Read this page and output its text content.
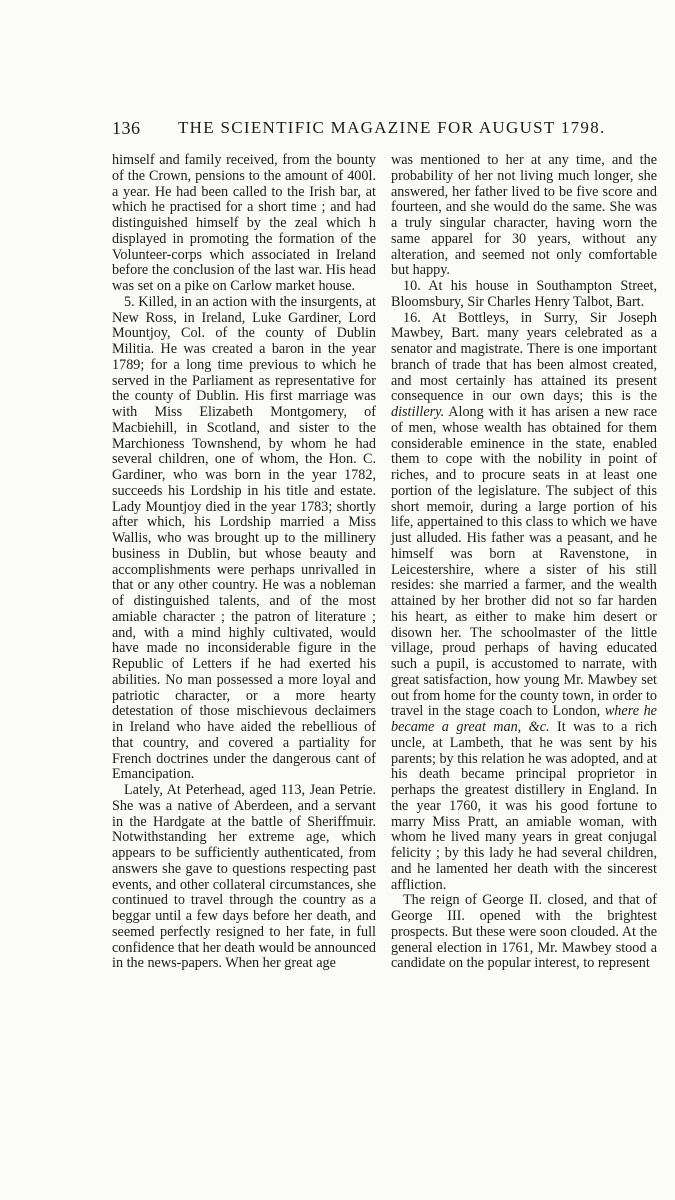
136 THE SCIENTIFIC MAGAZINE FOR AUGUST 1798.

himself and family received, from the bounty of the Crown, pensions to the amount of 400l. a year. He had been called to the Irish bar, at which he practised for a short time ; and had distinguished himself by the zeal which h displayed in promoting the formation of the Volunteer-corps which associated in Ireland before the conclusion of the last war. His head was set on a pike on Carlow market house.

5. Killed, in an action with the insurgents, at New Ross, in Ireland, Luke Gardiner, Lord Mountjoy, Col. of the county of Dublin Militia. He was created a baron in the year 1789; for a long time previous to which he served in the Parliament as representative for the county of Dublin. His first marriage was with Miss Elizabeth Montgomery, of Macbiehill, in Scotland, and sister to the Marchioness Townshend, by whom he had several children, one of whom, the Hon. C. Gardiner, who was born in the year 1782, succeeds his Lordship in his title and estate. Lady Mountjoy died in the year 1783; shortly after which, his Lordship married a Miss Wallis, who was brought up to the millinery business in Dublin, but whose beauty and accomplishments were perhaps unrivalled in that or any other country. He was a nobleman of distinguished talents, and of the most amiable character ; the patron of literature ; and, with a mind highly cultivated, would have made no inconsiderable figure in the Republic of Letters if he had exerted his abilities. No man possessed a more loyal and patriotic character, or a more hearty detestation of those mischievous declaimers in Ireland who have aided the rebellious of that country, and covered a partiality for French doctrines under the dangerous cant of Emancipation.

Lately, At Peterhead, aged 113, Jean Petrie. She was a native of Aberdeen, and a servant in the Hardgate at the battle of Sheriffmuir. Notwithstanding her extreme age, which appears to be sufficiently authenticated, from answers she gave to questions respecting past events, and other collateral circumstances, she continued to travel through the country as a beggar until a few days before her death, and seemed perfectly resigned to her fate, in full confidence that her death would be announced in the news-papers. When her great age

was mentioned to her at any time, and the probability of her not living much longer, she answered, her father lived to be five score and fourteen, and she would do the same. She was a truly singular character, having worn the same apparel for 30 years, without any alteration, and seemed not only comfortable but happy.

10. At his house in Southampton Street, Bloomsbury, Sir Charles Henry Talbot, Bart.

16. At Bottleys, in Surry, Sir Joseph Mawbey, Bart. many years celebrated as a senator and magistrate. There is one important branch of trade that has been almost created, and most certainly has attained its present consequence in our own days; this is the distillery. Along with it has arisen a new race of men, whose wealth has obtained for them considerable eminence in the state, enabled them to cope with the nobility in point of riches, and to procure seats in at least one portion of the legislature. The subject of this short memoir, during a large portion of his life, appertained to this class to which we have just alluded. His father was a peasant, and he himself was born at Ravenstone, in Leicestershire, where a sister of his still resides: she married a farmer, and the wealth attained by her brother did not so far harden his heart, as either to make him desert or disown her. The schoolmaster of the little village, proud perhaps of having educated such a pupil, is accustomed to narrate, with great satisfaction, how young Mr. Mawbey set out from home for the county town, in order to travel in the stage coach to London, where he became a great man, &c. It was to a rich uncle, at Lambeth, that he was sent by his parents; by this relation he was adopted, and at his death became principal proprietor in perhaps the greatest distillery in England. In the year 1760, it was his good fortune to marry Miss Pratt, an amiable woman, with whom he lived many years in great conjugal felicity ; by this lady he had several children, and he lamented her death with the sincerest affliction.

The reign of George II. closed, and that of George III. opened with the brightest prospects. But these were soon clouded. At the general election in 1761, Mr. Mawbey stood a candidate on the popular interest, to represent
